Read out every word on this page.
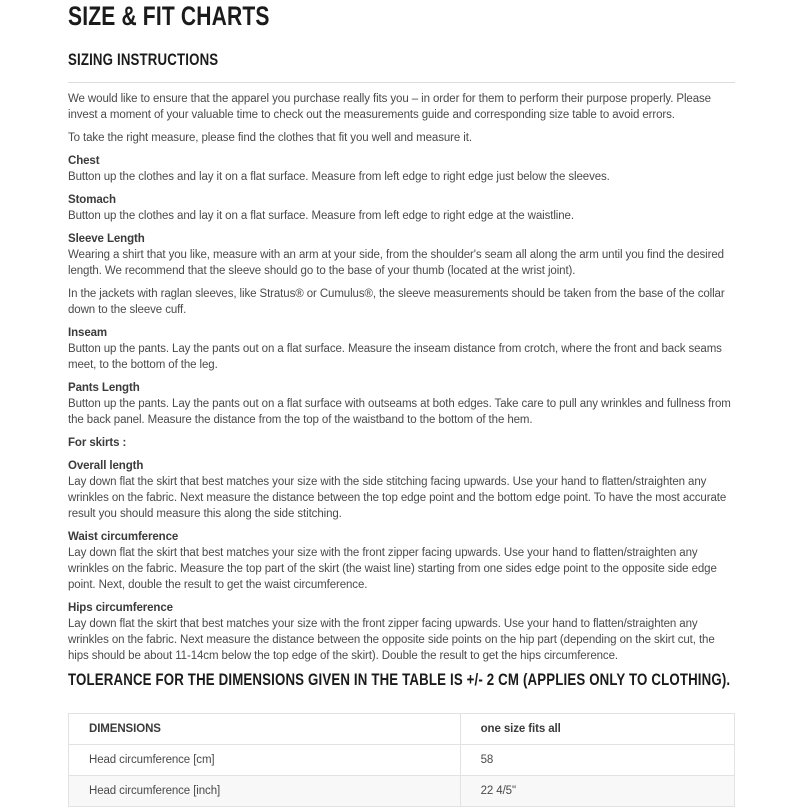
SIZE & FIT CHARTS
SIZING INSTRUCTIONS

We would like to ensure that the apparel you purchase really fits you – in order for them to perform their purpose properly. Please invest a moment of your valuable time to check out the measurements guide and corresponding size table to avoid errors.

To take the right measure, please find the clothes that fit you well and measure it.

Chest

Button up the clothes and lay it on a flat surface. Measure from left edge to right edge just below the sleeves.

Stomach

Button up the clothes and lay it on a flat surface. Measure from left edge to right edge at the waistline.

Sleeve Length

Wearing a shirt that you like, measure with an arm at your side, from the shoulder's seam all along the arm until you find the desired length. We recommend that the sleeve should go to the base of your thumb (located at the wrist joint).

In the jackets with raglan sleeves, like Stratus® or Cumulus®, the sleeve measurements should be taken from the base of the collar down to the sleeve cuff.

Inseam

Button up the pants. Lay the pants out on a flat surface. Measure the inseam distance from crotch, where the front and back seams meet, to the bottom of the leg.

Pants Length

Button up the pants. Lay the pants out on a flat surface with outseams at both edges. Take care to pull any wrinkles and fullness from the back panel. Measure the distance from the top of the waistband to the bottom of the hem.

For skirts :

Overall length

Lay down flat the skirt that best matches your size with the side stitching facing upwards. Use your hand to flatten/straighten any wrinkles on the fabric. Next measure the distance between the top edge point and the bottom edge point. To have the most accurate result you should measure this along the side stitching.

Waist circumference

Lay down flat the skirt that best matches your size with the front zipper facing upwards. Use your hand to flatten/straighten any wrinkles on the fabric. Measure the top part of the skirt (the waist line) starting from one sides edge point to the opposite side edge point. Next, double the result to get the waist circumference.

Hips circumference

Lay down flat the skirt that best matches your size with the front zipper facing upwards. Use your hand to flatten/straighten any wrinkles on the fabric. Next measure the distance between the opposite side points on the hip part (depending on the skirt cut, the hips should be about 11-14cm below the top edge of the skirt). Double the result to get the hips circumference.

TOLERANCE FOR THE DIMENSIONS GIVEN IN THE TABLE IS +/- 2 CM (APPLIES ONLY TO CLOTHING).
DIMENSIONS	one size fits all
Head circumference [cm]	58
Head circumference [inch]	22 4/5"
